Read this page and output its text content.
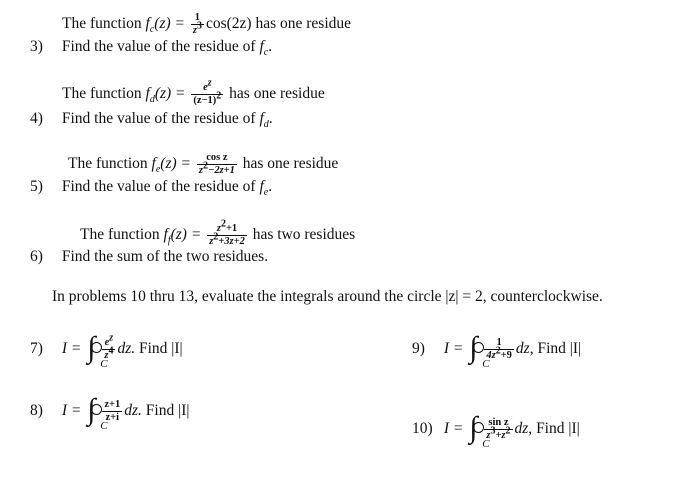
The function $f_c(z) = \frac{1}{z^3} \cos(2z)$ has one residue
3) Find the value of the residue of $f_c$.
The function $f_d(z) = \frac{e^z}{(z-1)^2}$ has one residue
4) Find the value of the residue of $f_d$.
The function $f_e(z) = \frac{\text{cos z}}{z^2-2z+1}$ has one residue
5) Find the value of the residue of $f_e$.
The function $f_f(z) = \frac{z^2+1}{z^2+3z+2}$ has two residues
6) Find the sum of the two residues.
In problems 10 thru 13, evaluate the integrals around the circle |z| = 2, counterclockwise.
7) I = ∫ C

$\frac{e^z}{z^4}$ dz. Find |I|	9) I = ∫ C

$\frac{1}{4z^2+9}$ dz, Find |I|
8) I = ∫ C

$\frac{z+1}{z+i}$ dz. Find |I|
10) I = ∫ C

$\frac{\text{sin z}}{z^3+z^2}$ dz, Find |I|
